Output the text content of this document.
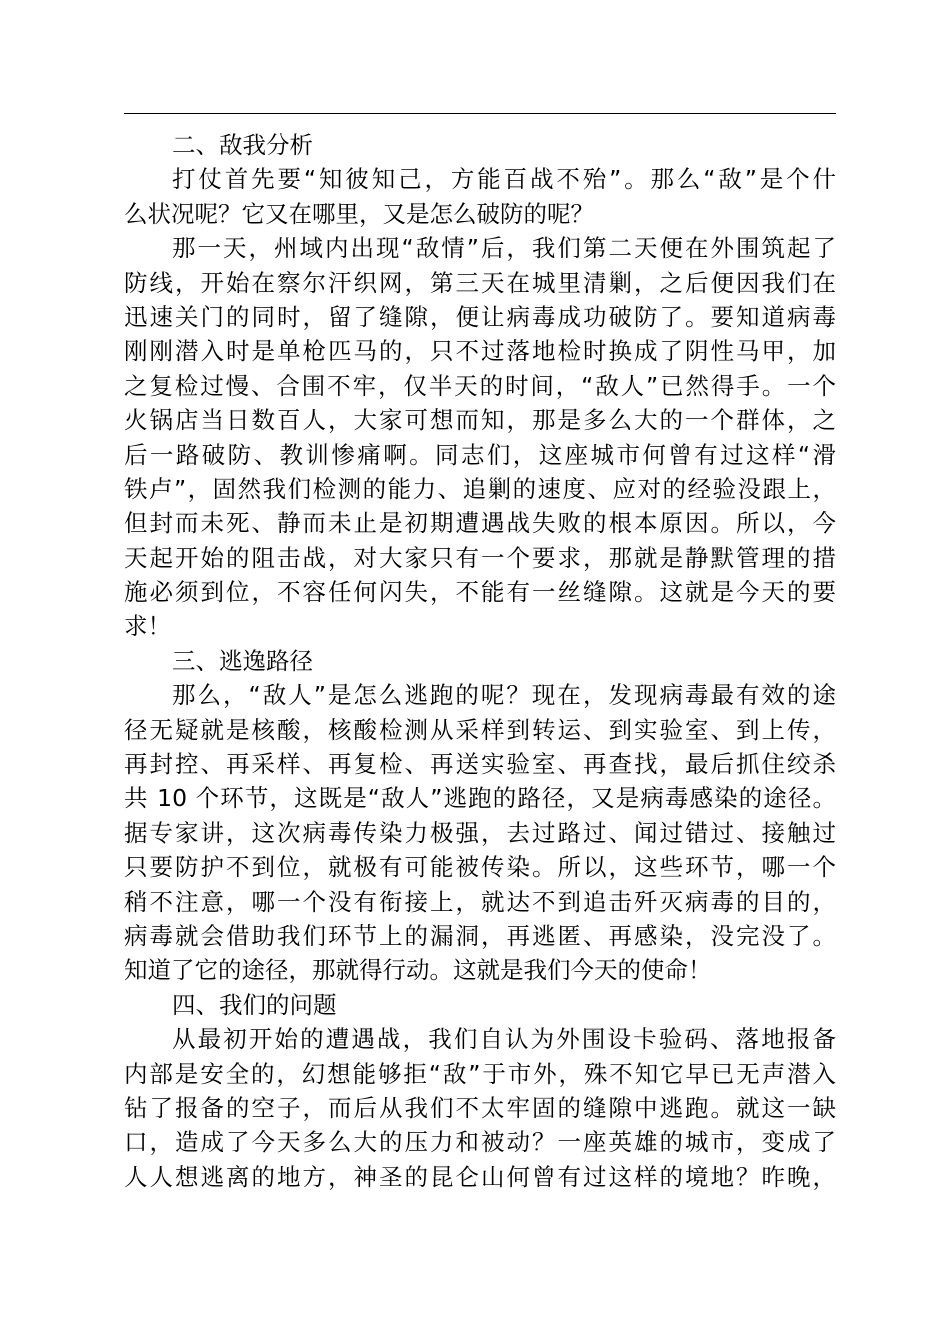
二、敌我分析
打仗首先要“知彼知己，方能百战不殆”。那么“敌”是个什
么状况呢？它又在哪里，又是怎么破防的呢？
那一天，州域内出现“敌情”后，我们第二天便在外围筑起了
防线，开始在察尔汗织网，第三天在城里清剿，之后便因我们在
迅速关门的同时，留了缝隙，便让病毒成功破防了。要知道病毒
刚刚潜入时是单枪匹马的，只不过落地检时换成了阴性马甲，加
之复检过慢、合围不牢，仅半天的时间，“敌人”已然得手。一个
火锅店当日数百人，大家可想而知，那是多么大的一个群体，之
后一路破防、教训惨痛啊。同志们，这座城市何曾有过这样“滑
铁卢”，固然我们检测的能力、追剿的速度、应对的经验没跟上，
但封而未死、静而未止是初期遭遇战失败的根本原因。所以，今
天起开始的阻击战，对大家只有一个要求，那就是静默管理的措
施必须到位，不容任何闪失，不能有一丝缝隙。这就是今天的要
求！
三、逃逸路径
那么，“敌人”是怎么逃跑的呢？现在，发现病毒最有效的途
径无疑就是核酸，核酸检测从采样到转运、到实验室、到上传，
再封控、再采样、再复检、再送实验室、再查找，最后抓住绞杀
共 10 个环节，这既是“敌人”逃跑的路径，又是病毒感染的途径。
据专家讲，这次病毒传染力极强，去过路过、闻过错过、接触过
只要防护不到位，就极有可能被传染。所以，这些环节，哪一个
稍不注意，哪一个没有衔接上，就达不到追击歼灭病毒的目的，
病毒就会借助我们环节上的漏洞，再逃匿、再感染，没完没了。
知道了它的途径，那就得行动。这就是我们今天的使命！
四、我们的问题
从最初开始的遭遇战，我们自认为外围设卡验码、落地报备
内部是安全的，幻想能够拒“敌”于市外，殊不知它早已无声潜入
钻了报备的空子，而后从我们不太牢固的缝隙中逃跑。就这一缺
口，造成了今天多么大的压力和被动？一座英雄的城市，变成了
人人想逃离的地方，神圣的昆仑山何曾有过这样的境地？昨晚，
